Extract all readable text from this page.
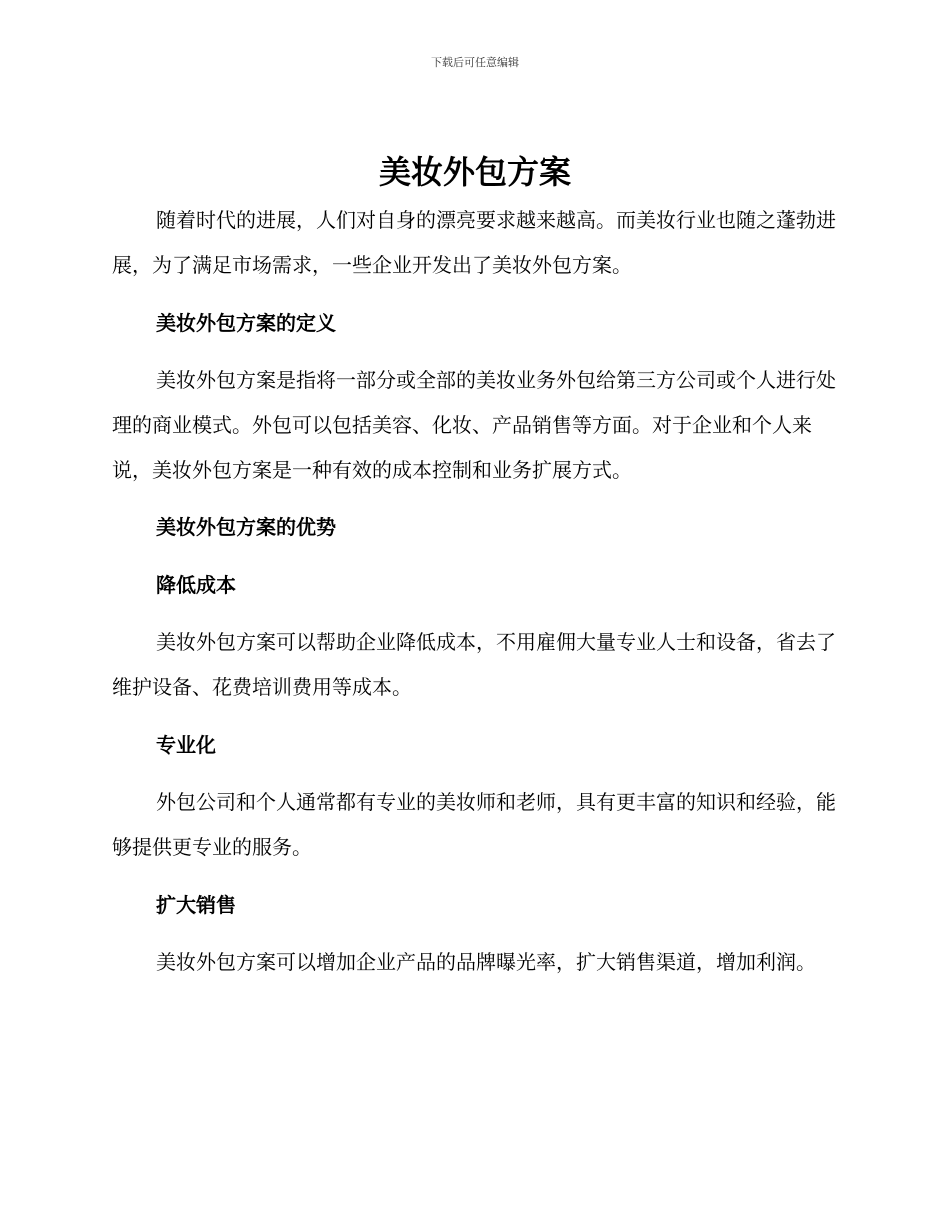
下载后可任意编辑
美妆外包方案

随着时代的进展，人们对自身的漂亮要求越来越高。而美妆行业也随之蓬勃进展，为了满足市场需求，一些企业开发出了美妆外包方案。

美妆外包方案的定义

美妆外包方案是指将一部分或全部的美妆业务外包给第三方公司或个人进行处理的商业模式。外包可以包括美容、化妆、产品销售等方面。对于企业和个人来说，美妆外包方案是一种有效的成本控制和业务扩展方式。

美妆外包方案的优势
降低成本

美妆外包方案可以帮助企业降低成本，不用雇佣大量专业人士和设备，省去了维护设备、花费培训费用等成本。

专业化

外包公司和个人通常都有专业的美妆师和老师，具有更丰富的知识和经验，能够提供更专业的服务。

扩大销售

美妆外包方案可以增加企业产品的品牌曝光率，扩大销售渠道，增加利润。
